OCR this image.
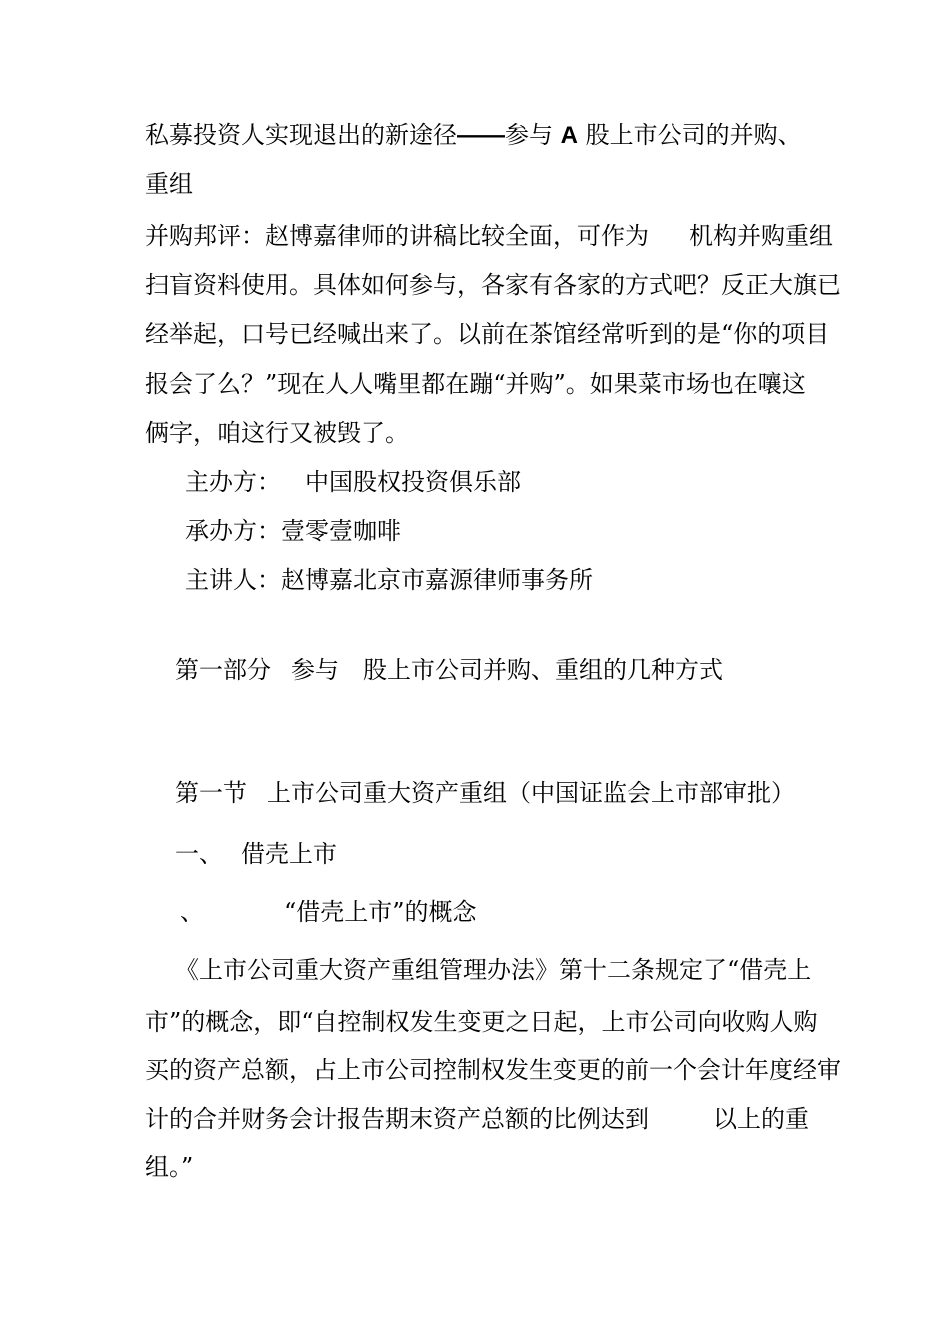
私募投资人实现退出的新途径——参与 A 股上市公司的并购、
重组
并购邦评：赵博嘉律师的讲稿比较全面，可作为 机构并购重组
扫盲资料使用。具体如何参与，各家有各家的方式吧？反正大旗已
经举起，口号已经喊出来了。以前在茶馆经常听到的是“你的项目
报会了么？”现在人人嘴里都在蹦“并购”。如果菜市场也在嚷这
俩字，咱这行又被毁了。
主办方： 中国股权投资俱乐部
承办方：壹零壹咖啡
主讲人：赵博嘉北京市嘉源律师事务所
第一部分 参与 股上市公司并购、重组的几种方式
第一节 上市公司重大资产重组（中国证监会上市部审批）
一、 借壳上市
、	“借壳上市”的概念
《上市公司重大资产重组管理办法》第十二条规定了“借壳上
市”的概念，即“自控制权发生变更之日起，上市公司向收购人购
买的资产总额，占上市公司控制权发生变更的前一个会计年度经审
计的合并财务会计报告期末资产总额的比例达到	以上的重
组。”
